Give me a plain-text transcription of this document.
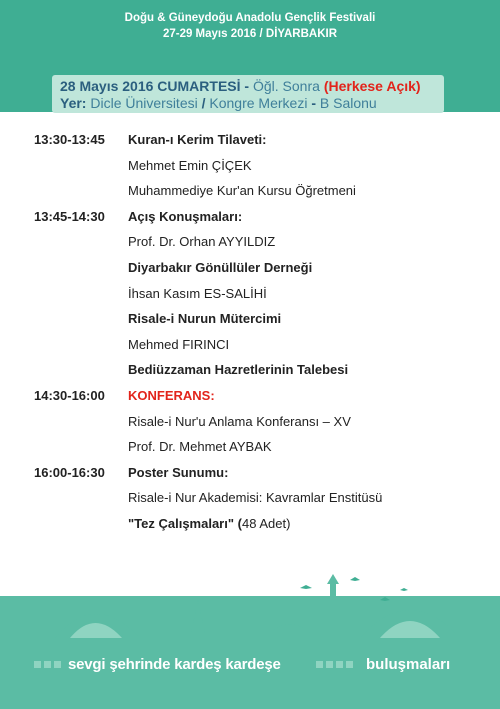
Doğu & Güneydoğu Anadolu Gençlik Festivali
27-29 Mayıs 2016 / DİYARBAKIR
28 Mayıs 2016 CUMARTESİ - Öğl. Sonra (Herkese Açık)
Yer: Dicle Üniversitesi / Kongre Merkezi - B Salonu
13:30-13:45 Kuran-ı Kerim Tilaveti:
Mehmet Emin ÇİÇEK
Muhammediye Kur'an Kursu Öğretmeni
13:45-14:30 Açış Konuşmaları:
Prof. Dr. Orhan AYYILDIZ
Diyarbakır Gönüllüler Derneği
İhsan Kasım ES-SALİHİ
Risale-i Nurun Mütercimi
Mehmed FIRINCI
Bediüzzaman Hazretlerinin Talebesi
14:30-16:00 KONFERANS:
Risale-i Nur'u Anlama Konferansı – XV
Prof. Dr. Mehmet AYBAK
16:00-16:30 Poster Sunumu:
Risale-i Nur Akademisi: Kavramlar Enstitüsü
"Tez Çalışmaları" (48 Adet)
sevgi şehrinde kardeş kardeşe	buluşmaları
